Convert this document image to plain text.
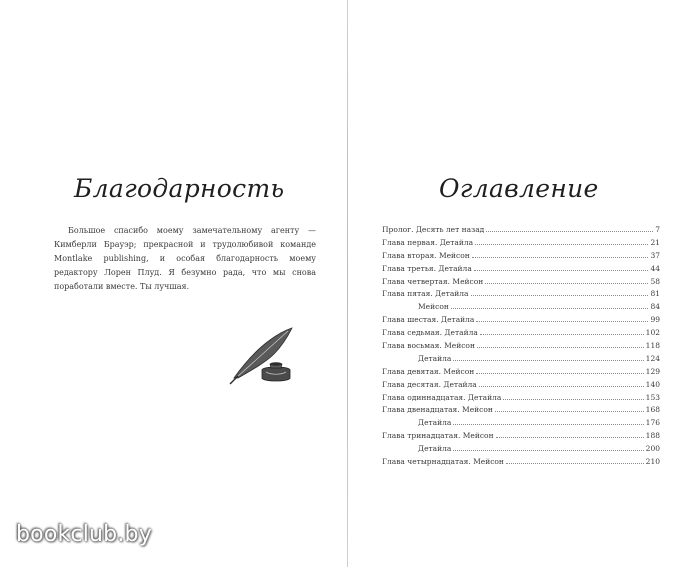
Благодарность

Большое спасибо моему замечательному агенту — Кимберли Брауэр; прекрасной и трудолюбивой команде Montlake publishing, и особая благодарность моему редактору Лорен Плуд. Я безумно рада, что мы снова поработали вместе. Ты лучшая.

Оглавление
Пролог. Десять лет назад	7
Глава первая. Детайла	21
Глава вторая. Мейсон	37
Глава третья. Детайла	44
Глава четвертая. Мейсон	58
Глава пятая. Детайла	81
Мейсон	84
Глава шестая. Детайла	99
Глава седьмая. Детайла	102
Глава восьмая. Мейсон	118
Детайла	124
Глава девятая. Мейсон	129
Глава десятая. Детайла	140
Глава одиннадцатая. Детайла	153
Глава двенадцатая. Мейсон	168
Детайла	176
Глава тринадцатая. Мейсон	188
Детайла	200
Глава четырнадцатая. Мейсон	210
bookclub.by
